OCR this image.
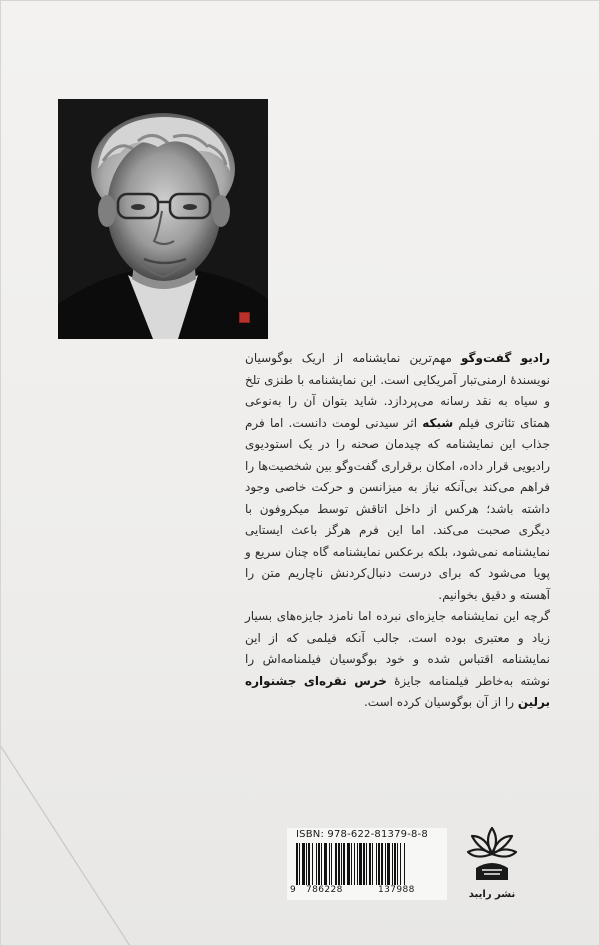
رادیو گفت‌وگو مهم‌ترین نمایشنامه از اریک بوگوسیان نویسندهٔ ارمنی‌تبار آمریکایی است. این نمایشنامه با طنزی تلخ و سیاه به نقد رسانه می‌پردازد. شاید بتوان آن را به‌نوعی همتای تئاتری فیلم شبکه اثر سیدنی لومت دانست. اما فرم جذاب این نمایشنامه که چیدمان صحنه را در یک استودیوی رادیویی قرار داده، امکان برقراری گفت‌وگو بین شخصیت‌ها را فراهم می‌کند بی‌آنکه نیاز به میزانسن و حرکت خاصی وجود داشته باشد؛ هرکس از داخل اتاقش توسط میکروفون با دیگری صحبت می‌کند. اما این فرم هرگز باعث ایستایی نمایشنامه نمی‌شود، بلکه برعکس نمایشنامه گاه چنان سریع و پویا می‌شود که برای درست دنبال‌کردنش ناچاریم متن را آهسته و دقیق بخوانیم.

گرچه این نمایشنامه جایزه‌ای نبرده اما نامزد جایزه‌های بسیار زیاد و معتبری بوده است. جالب آنکه فیلمی که از این نمایشنامه اقتباس شده و خود بوگوسیان فیلمنامه‌اش را نوشته به‌خاطر فیلمنامه جایزهٔ خرس نقره‌ای جشنواره برلین را از آن بوگوسیان کرده است.

ISBN: 978-622-81379-8-8
9 786228	137988	نشر رایبد
